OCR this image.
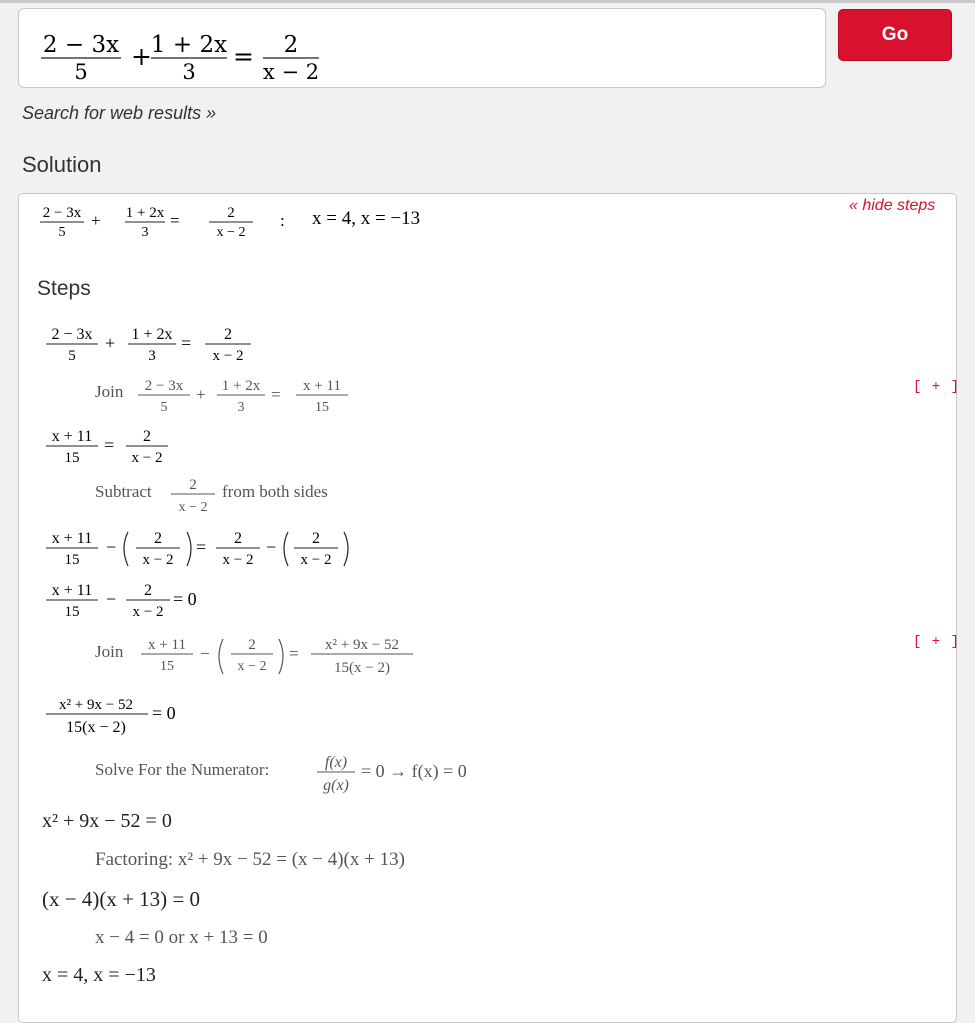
2 − 3x
5
+
1 + 2x
3
= 2
x − 2
Go
Search for web results »
Solution
« hide steps
2 − 3x
5
+ 1 + 2x
3
=	2
x − 2
: x = 4, x = −13
Steps
2 − 3x
5
+ 1 + 2x
3
= 2
x − 2
Join 2 − 3x
5
+ 1 + 2x
3
= x + 11
15
[ + ]
x + 11
15
= 2
x − 2
Subtract	2
x − 2
from both sides
x + 11
15
− 2
x − 2
= 2
x − 2
− 2
x − 2
x + 11
15
− 2
x − 2
= 0
Join x + 11
15
−	2
x − 2
= x² + 9x − 52
15(x − 2)
[ + ]
x² + 9x − 52
15(x − 2)
= 0
Solve For the Numerator:	f(x)
g(x)
= 0 → f(x) = 0
x² + 9x − 52 = 0
Factoring: x² + 9x − 52 = (x − 4)(x + 13)
(x − 4)(x + 13) = 0
x − 4 = 0 or x + 13 = 0
x = 4, x = −13
